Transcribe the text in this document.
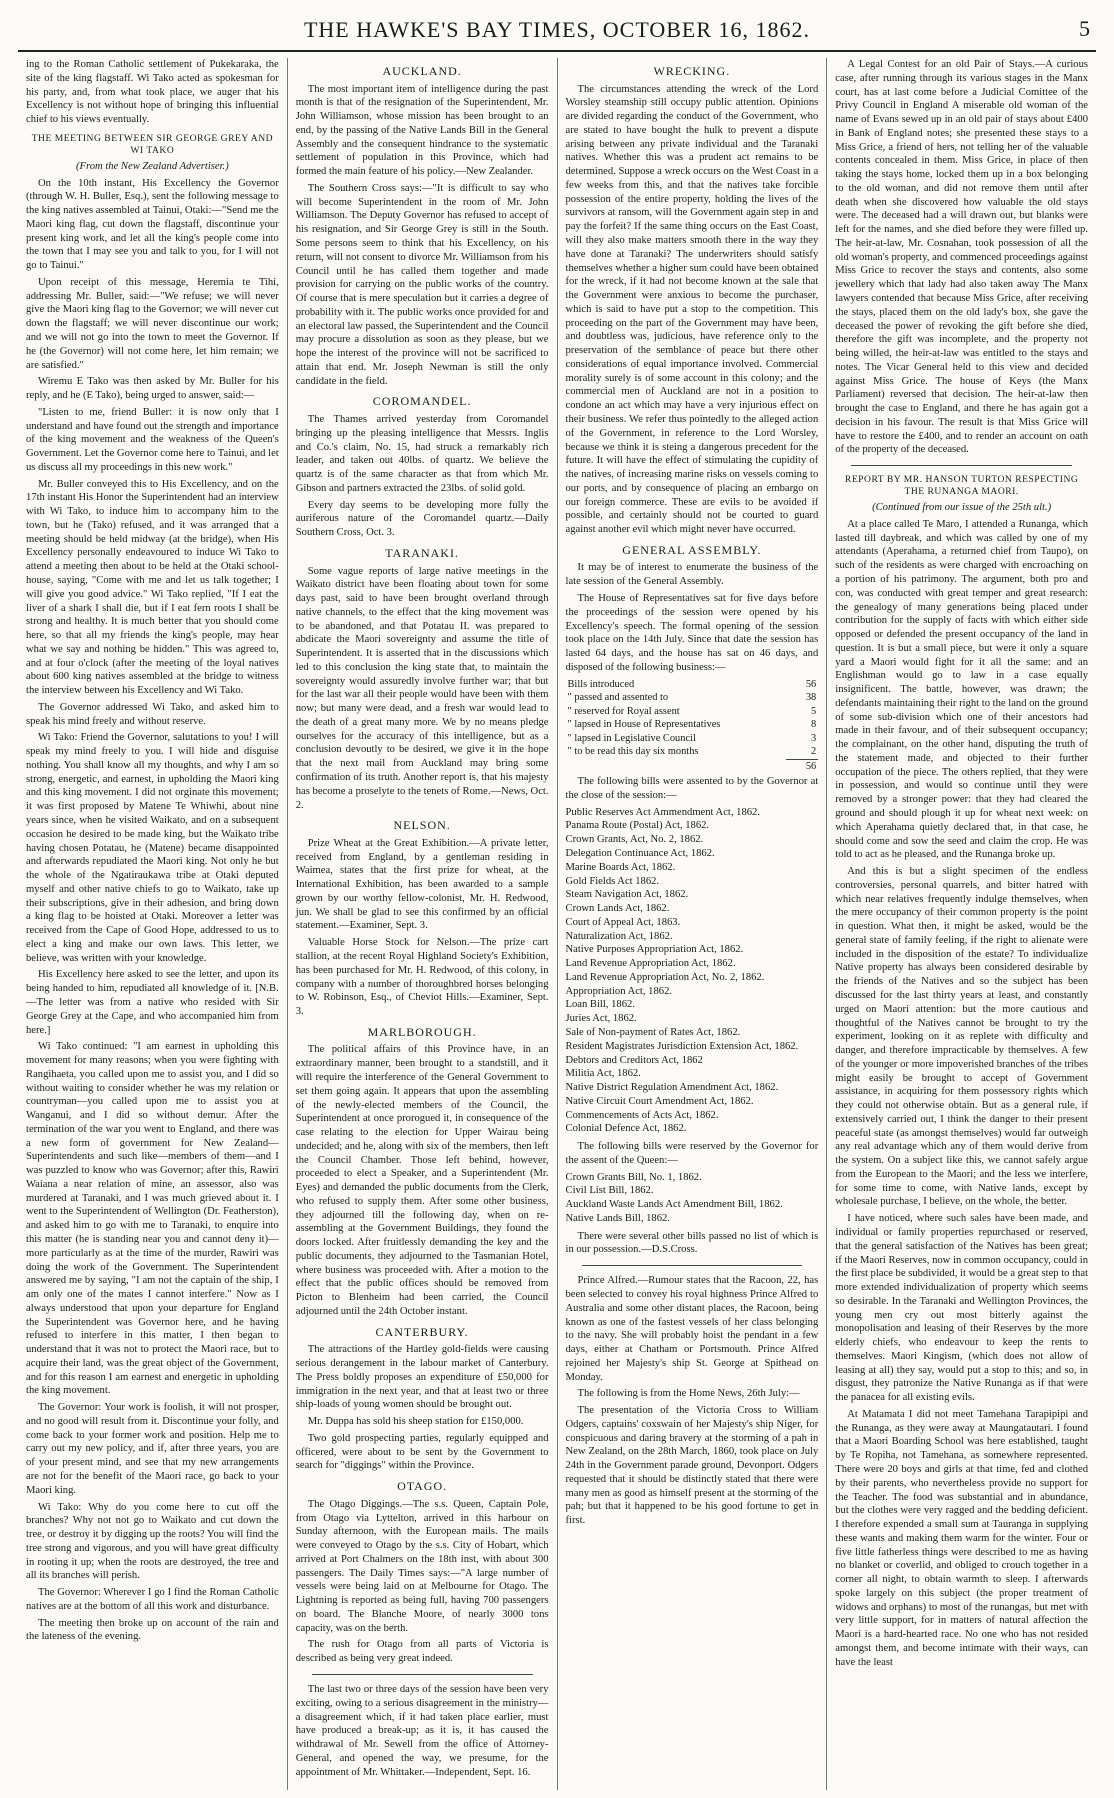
THE HAWKE'S BAY TIMES, OCTOBER 16, 1862.	5

ing to the Roman Catholic settlement of Pukekaraka, the site of the king flagstaff. Wi Tako acted as spokesman for his party, and, from what took place, we auger that his Excellency is not without hope of bringing this influential chief to his views eventually.

THE MEETING BETWEEN SIR GEORGE GREY AND WI TAKO

(From the New Zealand Advertiser.)

On the 10th instant, His Excellency the Governor (through W. H. Buller, Esq.), sent the following message to the king natives assembled at Tainui, Otaki:—"Send me the Maori king flag, cut down the flagstaff, discontinue your present king work, and let all the king's people come into the town that I may see you and talk to you, for I will not go to Tainui."

Upon receipt of this message, Heremia te Tihi, addressing Mr. Buller, said:—"We refuse; we will never give the Maori king flag to the Governor; we will never cut down the flagstaff; we will never discontinue our work; and we will not go into the town to meet the Governor. If he (the Governor) will not come here, let him remain; we are satisfied."

Wiremu E Tako was then asked by Mr. Buller for his reply, and he (E Tako), being urged to answer, said:—

"Listen to me, friend Buller: it is now only that I understand and have found out the strength and importance of the king movement and the weakness of the Queen's Government. Let the Governor come here to Tainui, and let us discuss all my proceedings in this new work."

Mr. Buller conveyed this to His Excellency, and on the 17th instant His Honor the Superintendent had an interview with Wi Tako, to induce him to accompany him to the town, but he (Tako) refused, and it was arranged that a meeting should be held midway (at the bridge), when His Excellency personally endeavoured to induce Wi Tako to attend a meeting then about to be held at the Otaki school-house, saying, "Come with me and let us talk together; I will give you good advice." Wi Tako replied, "If I eat the liver of a shark I shall die, but if I eat fern roots I shall be strong and healthy. It is much better that you should come here, so that all my friends the king's people, may hear what we say and nothing be hidden." This was agreed to, and at four o'clock (after the meeting of the loyal natives about 600 king natives assembled at the bridge to witness the interview between his Excellency and Wi Tako.

The Governor addressed Wi Tako, and asked him to speak his mind freely and without reserve.

Wi Tako: Friend the Governor, salutations to you! I will speak my mind freely to you. I will hide and disguise nothing. You shall know all my thoughts, and why I am so strong, energetic, and earnest, in upholding the Maori king and this king movement. I did not orginate this movement; it was first proposed by Matene Te Whiwhi, about nine years since, when he visited Waikato, and on a subsequent occasion he desired to be made king, but the Waikato tribe having chosen Potatau, he (Matene) became disappointed and afterwards repudiated the Maori king. Not only he but the whole of the Ngatiraukawa tribe at Otaki deputed myself and other native chiefs to go to Waikato, take up their subscriptions, give in their adhesion, and bring down a king flag to be hoisted at Otaki. Moreover a letter was received from the Cape of Good Hope, addressed to us to elect a king and make our own laws. This letter, we believe, was written with your knowledge.

His Excellency here asked to see the letter, and upon its being handed to him, repudiated all knowledge of it. [N.B.—The letter was from a native who resided with Sir George Grey at the Cape, and who accompanied him from here.]

Wi Tako continued: "I am earnest in upholding this movement for many reasons; when you were fighting with Rangihaeta, you called upon me to assist you, and I did so without waiting to consider whether he was my relation or countryman—you called upon me to assist you at Wanganui, and I did so without demur. After the termination of the war you went to England, and there was a new form of government for New Zealand—Superintendents and such like—members of them—and I was puzzled to know who was Governor; after this, Rawiri Waiana a near relation of mine, an assessor, also was murdered at Taranaki, and I was much grieved about it. I went to the Superintendent of Wellington (Dr. Featherston), and asked him to go with me to Taranaki, to enquire into this matter (he is standing near you and cannot deny it)—more particularly as at the time of the murder, Rawiri was doing the work of the Government. The Superintendent answered me by saying, "I am not the captain of the ship, I am only one of the mates I cannot interfere." Now as I always understood that upon your departure for England the Superintendent was Governor here, and he having refused to interfere in this matter, I then began to understand that it was not to protect the Maori race, but to acquire their land, was the great object of the Government, and for this reason I am earnest and energetic in upholding the king movement.

The Governor: Your work is foolish, it will not prosper, and no good will result from it. Discontinue your folly, and come back to your former work and position. Help me to carry out my new policy, and if, after three years, you are of your present mind, and see that my new arrangements are not for the benefit of the Maori race, go back to your Maori king.

Wi Tako: Why do you come here to cut off the branches? Why not not go to Waikato and cut down the tree, or destroy it by digging up the roots? You will find the tree strong and vigorous, and you will have great difficulty in rooting it up; when the roots are destroyed, the tree and all its branches will perish.

The Governor: Wherever I go I find the Roman Catholic natives are at the bottom of all this work and disturbance.

The meeting then broke up on account of the rain and the lateness of the evening.

AUCKLAND.

The most important item of intelligence during the past month is that of the resignation of the Superintendent, Mr. John Williamson, whose mission has been brought to an end, by the passing of the Native Lands Bill in the General Assembly and the consequent hindrance to the systematic settlement of population in this Province, which had formed the main feature of his policy.—New Zealander.

The Southern Cross says:—"It is difficult to say who will become Superintendent in the room of Mr. John Williamson. The Deputy Governor has refused to accept of his resignation, and Sir George Grey is still in the South. Some persons seem to think that his Excellency, on his return, will not consent to divorce Mr. Williamson from his Council until he has called them together and made provision for carrying on the public works of the country. Of course that is mere speculation but it carries a degree of probability with it. The public works once provided for and an electoral law passed, the Superintendent and the Council may procure a dissolution as soon as they please, but we hope the interest of the province will not be sacrificed to attain that end. Mr. Joseph Newman is still the only candidate in the field.

COROMANDEL.

The Thames arrived yesterday from Coromandel bringing up the pleasing intelligence that Messrs. Inglis and Co.'s claim, No. 15, had struck a remarkably rich leader, and taken out 40lbs. of quartz. We believe the quartz is of the same character as that from which Mr. Gibson and partners extracted the 23lbs. of solid gold.

Every day seems to be developing more fully the auriferous nature of the Coromandel quartz.—Daily Southern Cross, Oct. 3.

TARANAKI.

Some vague reports of large native meetings in the Waikato district have been floating about town for some days past, said to have been brought overland through native channels, to the effect that the king movement was to be abandoned, and that Potatau II. was prepared to abdicate the Maori sovereignty and assume the title of Superintendent. It is asserted that in the discussions which led to this conclusion the king state that, to maintain the sovereignty would assuredly involve further war; that but for the last war all their people would have been with them now; but many were dead, and a fresh war would lead to the death of a great many more. We by no means pledge ourselves for the accuracy of this intelligence, but as a conclusion devoutly to be desired, we give it in the hope that the next mail from Auckland may bring some confirmation of its truth. Another report is, that his majesty has become a proselyte to the tenets of Rome.—News, Oct. 2.

NELSON.

Prize Wheat at the Great Exhibition.—A private letter, received from England, by a gentleman residing in Waimea, states that the first prize for wheat, at the International Exhibition, has been awarded to a sample grown by our worthy fellow-colonist, Mr. H. Redwood, jun. We shall be glad to see this confirmed by an official statement.—Examiner, Sept. 3.

Valuable Horse Stock for Nelson.—The prize cart stallion, at the recent Royal Highland Society's Exhibition, has been purchased for Mr. H. Redwood, of this colony, in company with a number of thoroughbred horses belonging to W. Robinson, Esq., of Cheviot Hills.—Examiner, Sept. 3.

MARLBOROUGH.

The political affairs of this Province have, in an extraordinary manner, been brought to a standstill, and it will require the interference of the General Government to set them going again. It appears that upon the assembling of the newly-elected members of the Council, the Superintendent at once prorogued it, in consequence of the case relating to the election for Upper Wairau being undecided; and he, along with six of the members, then left the Council Chamber. Those left behind, however, proceeded to elect a Speaker, and a Superintendent (Mr. Eyes) and demanded the public documents from the Clerk, who refused to supply them. After some other business, they adjourned till the following day, when on re-assembling at the Government Buildings, they found the doors locked. After fruitlessly demanding the key and the public documents, they adjourned to the Tasmanian Hotel, where business was proceeded with. After a motion to the effect that the public offices should be removed from Picton to Blenheim had been carried, the Council adjourned until the 24th October instant.

CANTERBURY.

The attractions of the Hartley gold-fields were causing serious derangement in the labour market of Canterbury. The Press boldly proposes an expenditure of £50,000 for immigration in the next year, and that at least two or three ship-loads of young women should be brought out.

Mr. Duppa has sold his sheep station for £150,000.

Two gold prospecting parties, regularly equipped and officered, were about to be sent by the Government to search for "diggings" within the Province.

OTAGO.

The Otago Diggings.—The s.s. Queen, Captain Pole, from Otago via Lyttelton, arrived in this harbour on Sunday afternoon, with the European mails. The mails were conveyed to Otago by the s.s. City of Hobart, which arrived at Port Chalmers on the 18th inst, with about 300 passengers. The Daily Times says:—"A large number of vessels were being laid on at Melbourne for Otago. The Lightning is reported as being full, having 700 passengers on board. The Blanche Moore, of nearly 3000 tons capacity, was on the berth.

The rush for Otago from all parts of Victoria is described as being very great indeed.

The last two or three days of the session have been very exciting, owing to a serious disagreement in the ministry—a disagreement which, if it had taken place earlier, must have produced a break-up; as it is, it has caused the withdrawal of Mr. Sewell from the office of Attorney-General, and opened the way, we presume, for the appointment of Mr. Whittaker.—Independent, Sept. 16.

WRECKING.

The circumstances attending the wreck of the Lord Worsley steamship still occupy public attention. Opinions are divided regarding the conduct of the Government, who are stated to have bought the hulk to prevent a dispute arising between any private individual and the Taranaki natives. Whether this was a prudent act remains to be determined. Suppose a wreck occurs on the West Coast in a few weeks from this, and that the natives take forcible possession of the entire property, holding the lives of the survivors at ransom, will the Government again step in and pay the forfeit? If the same thing occurs on the East Coast, will they also make matters smooth there in the way they have done at Taranaki? The underwriters should satisfy themselves whether a higher sum could have been obtained for the wreck, if it had not become known at the sale that the Government were anxious to become the purchaser, which is said to have put a stop to the competition. This proceeding on the part of the Government may have been, and doubtless was, judicious, have reference only to the preservation of the semblance of peace but there other considerations of equal importance involved. Commercial morality surely is of some account in this colony; and the commercial men of Auckland are not in a position to condone an act which may have a very injurious effect on their business. We refer thus pointedly to the alleged action of the Government, in reference to the Lord Worsley, because we think it is steing a dangerous precedent for the future. It will have the effect of stimulating the cupidity of the natives, of increasing marine risks on vessels coming to our ports, and by consequence of placing an embargo on our foreign commerce. These are evils to be avoided if possible, and certainly should not be courted to guard against another evil which might never have occurred.

GENERAL ASSEMBLY.

It may be of interest to enumerate the business of the late session of the General Assembly.

The House of Representatives sat for five days before the proceedings of the session were opened by his Excellency's speech. The formal opening of the session took place on the 14th July. Since that date the session has lasted 64 days, and the house has sat on 46 days, and disposed of the following business:—

Bills introduced	56
" passed and assented to	38
" reserved for Royal assent	5
" lapsed in House of Representatives	8
" lapsed in Legislative Council	3
" to be read this day six months	2
	56

The following bills were assented to by the Governor at the close of the session:—

Public Reserves Act Ammendment Act, 1862.
Panama Route (Postal) Act, 1862.
Crown Grants, Act, No. 2, 1862.
Delegation Continuance Act, 1862.
Marine Boards Act, 1862.
Gold Fields Act 1862.
Steam Navigation Act, 1862.
Crown Lands Act, 1862.
Court of Appeal Act, 1863.
Naturalization Act, 1862.
Native Purposes Appropriation Act, 1862.
Land Revenue Appropriation Act, 1862.
Land Revenue Appropriation Act, No. 2, 1862.
Appropriation Act, 1862.
Loan Bill, 1862.
Juries Act, 1862.
Sale of Non-payment of Rates Act, 1862.
Resident Magistrates Jurisdiction Extension Act, 1862.
Debtors and Creditors Act, 1862
Militia Act, 1862.
Native District Regulation Amendment Act, 1862.
Native Circuit Court Amendment Act, 1862.
Commencements of Acts Act, 1862.
Colonial Defence Act, 1862.

The following bills were reserved by the Governor for the assent of the Queen:—

Crown Grants Bill, No. 1, 1862.
Civil List Bill, 1862.
Auckland Waste Lands Act Amendment Bill, 1862.
Native Lands Bill, 1862.

There were several other bills passed no list of which is in our possession.—D.S.Cross.

Prince Alfred.—Rumour states that the Racoon, 22, has been selected to convey his royal highness Prince Alfred to Australia and some other distant places, the Racoon, being known as one of the fastest vessels of her class belonging to the navy. She will probably hoist the pendant in a few days, either at Chatham or Portsmouth. Prince Alfred rejoined her Majesty's ship St. George at Spithead on Monday.

The following is from the Home News, 26th July:—

The presentation of the Victoria Cross to William Odgers, captains' coxswain of her Majesty's ship Niger, for conspicuous and daring bravery at the storming of a pah in New Zealand, on the 28th March, 1860, took place on July 24th in the Government parade ground, Devonport. Odgers requested that it should be distinctly stated that there were many men as good as himself present at the storming of the pah; but that it happened to be his good fortune to get in first.

A Legal Contest for an old Pair of Stays.—A curious case, after running through its various stages in the Manx court, has at last come before a Judicial Comittee of the Privy Council in England A miserable old woman of the name of Evans sewed up in an old pair of stays about £400 in Bank of England notes; she presented these stays to a Miss Grice, a friend of hers, not telling her of the valuable contents concealed in them. Miss Grice, in place of then taking the stays home, locked them up in a box belonging to the old woman, and did not remove them until after death when she discovered how valuable the old stays were. The deceased had a will drawn out, but blanks were left for the names, and she died before they were filled up. The heir-at-law, Mr. Cosnahan, took possession of all the old woman's property, and commenced proceedings against Miss Grice to recover the stays and contents, also some jewellery which that lady had also taken away The Manx lawyers contended that because Miss Grice, after receiving the stays, placed them on the old lady's box, she gave the deceased the power of revoking the gift before she died, therefore the gift was incomplete, and the property not being willed, the heir-at-law was entitled to the stays and notes. The Vicar General held to this view and decided against Miss Grice. The house of Keys (the Manx Parliament) reversed that decision. The heir-at-law then brought the case to England, and there he has again got a decision in his favour. The result is that Miss Grice will have to restore the £400, and to render an account on oath of the property of the deceased.

REPORT BY MR. HANSON TURTON RESPECTING THE RUNANGA MAORI.

(Continued from our issue of the 25th ult.)

At a place called Te Maro, I attended a Runanga, which lasted till daybreak, and which was called by one of my attendants (Aperahama, a returned chief from Taupo), on such of the residents as were charged with encroaching on a portion of his patrimony. The argument, both pro and con, was conducted with great temper and great research: the genealogy of many generations being placed under contribution for the supply of facts with which either side opposed or defended the present occupancy of the land in question. It is but a small piece, but were it only a square yard a Maori would fight for it all the same: and an Englishman would go to law in a case equally insignificent. The battle, however, was drawn; the defendants maintaining their right to the land on the ground of some sub-division which one of their ancestors had made in their favour, and of their subsequent occupancy; the complainant, on the other hand, disputing the truth of the statement made, and objected to their further occupation of the piece. The others replied, that they were in possession, and would so continue until they were removed by a stronger power: that they had cleared the ground and should plough it up for wheat next week: on which Aperahama quietly declared that, in that case, he should come and sow the seed and claim the crop. He was told to act as he pleased, and the Runanga broke up.

And this is but a slight specimen of the endless controversies, personal quarrels, and bitter hatred with which near relatives frequently indulge themselves, when the mere occupancy of their common property is the point in question. What then, it might be asked, would be the general state of family feeling, if the right to alienate were included in the disposition of the estate? To individualize Native property has always been considered desirable by the friends of the Natives and so the subject has been discussed for the last thirty years at least, and constantly urged on Maori attention: but the more cautious and thoughtful of the Natives cannot be brought to try the experiment, looking on it as replete with difficulty and danger, and therefore impracticable by themselves. A few of the younger or more impoverished branches of the tribes might easily be brought to accept of Government assistance, in acquiring for them possessory rights which they could not otherwise obtain. But as a general rule, if extensively carried out, I think the danger to their present peaceful state (as amongst themselves) would far outweigh any real advantage which any of them would derive from the system. On a subject like this, we cannot safely argue from the European to the Maori; and the less we interfere, for some time to come, with Native lands, except by wholesale purchase, I believe, on the whole, the better.

I have noticed, where such sales have been made, and individual or family properties repurchased or reserved, that the general satisfaction of the Natives has been great; if the Maori Reserves, now in common occupancy, could in the first place be subdivided, it would be a great step to that more extended individualization of property which seems so desirable. In the Taranaki and Wellington Provinces, the young men cry out most bitterly against the monopolisation and leasing of their Reserves by the more elderly chiefs, who endeavour to keep the rents to themselves. Maori Kingism, (which does not allow of leasing at all) they say, would put a stop to this; and so, in disgust, they patronize the Native Runanga as if that were the panacea for all existing evils.

At Matamata I did not meet Tamehana Tarapipipi and the Runanga, as they were away at Maungatautari. I found that a Maori Boarding School was here established, taught by Te Ropiha, not Tamehana, as somewhere represented. There were 20 boys and girls at that time, fed and clothed by their parents, who nevertheless provide no support for the Teacher. The food was substantial and in abundance, but the clothes were very ragged and the bedding deficient. I therefore expended a small sum at Tauranga in supplying these wants and making them warm for the winter. Four or five little fatherless things were described to me as having no blanket or coverlid, and obliged to crouch together in a corner all night, to obtain warmth to sleep. I afterwards spoke largely on this subject (the proper treatment of widows and orphans) to most of the runangas, but met with very little support, for in matters of natural affection the Maori is a hard-hearted race. No one who has not resided amongst them, and become intimate with their ways, can have the least
